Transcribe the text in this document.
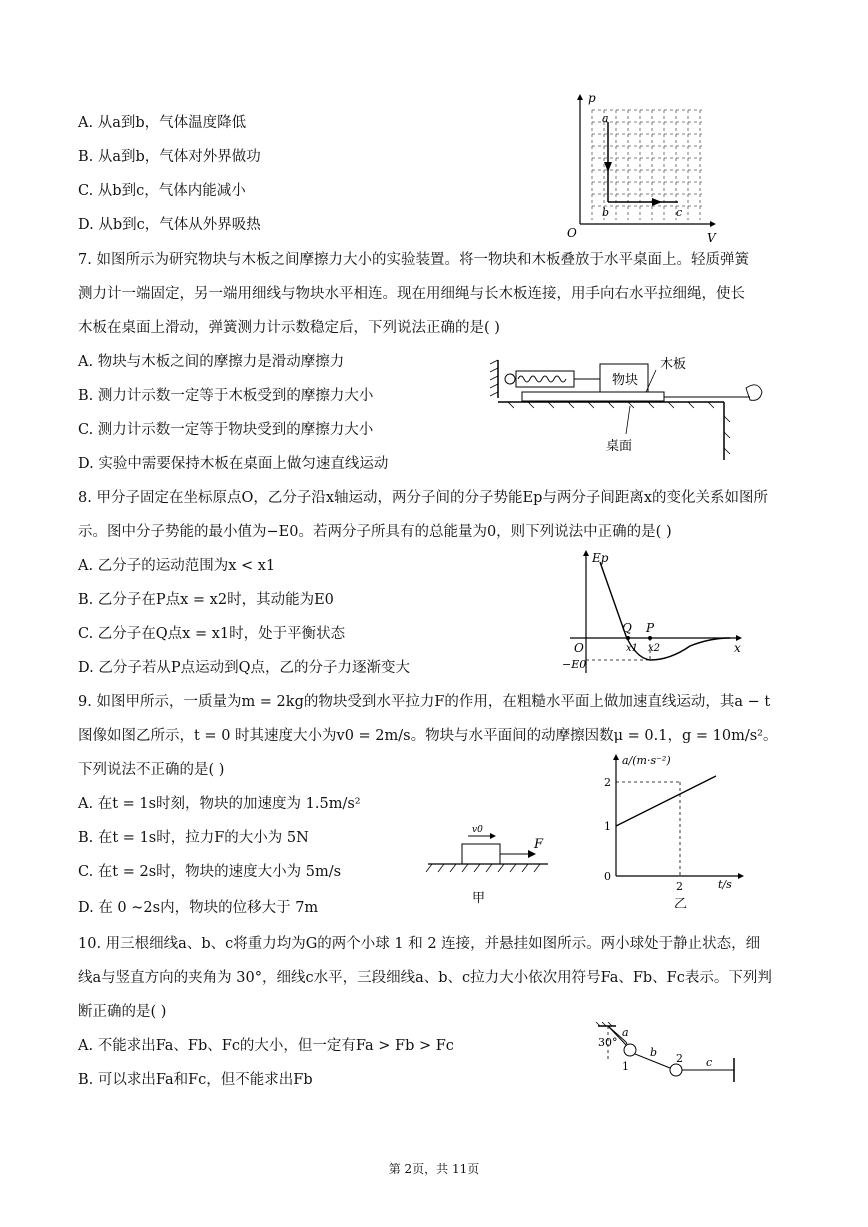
A. 从a到b，气体温度降低
B. 从a到b，气体对外界做功
C. 从b到c，气体内能减小
D. 从b到c，气体从外界吸热
p
V
O
a
b	c
7. 如图所示为研究物块与木板之间摩擦力大小的实验装置。将一物块和木板叠放于水平桌面上。轻质弹簧
测力计一端固定，另一端用细线与物块水平相连。现在用细绳与长木板连接，用手向右水平拉细绳，使长
木板在桌面上滑动，弹簧测力计示数稳定后，下列说法正确的是( )
A. 物块与木板之间的摩擦力是滑动摩擦力
B. 测力计示数一定等于木板受到的摩擦力大小
C. 测力计示数一定等于物块受到的摩擦力大小
D. 实验中需要保持木板在桌面上做匀速直线运动
物块
木板
桌面
8. 甲分子固定在坐标原点O，乙分子沿x轴运动，两分子间的分子势能Ep与两分子间距离x的变化关系如图所
示。图中分子势能的最小值为−E0。若两分子所具有的总能量为0，则下列说法中正确的是( )
A. 乙分子的运动范围为x < x1
B. 乙分子在P点x = x2时，其动能为E0
C. 乙分子在Q点x = x1时，处于平衡状态
D. 乙分子若从P点运动到Q点，乙的分子力逐渐变大
Ep
x
O
Q P
x1 x2
−E0
9. 如图甲所示，一质量为m = 2kg的物块受到水平拉力F的作用，在粗糙水平面上做加速直线运动，其a − t
图像如图乙所示，t = 0 时其速度大小为v0 = 2m/s。物块与水平面间的动摩擦因数μ = 0.1，g = 10m/s²。
下列说法不正确的是( )
A. 在t = 1s时刻，物块的加速度为 1.5m/s²
B. 在t = 1s时，拉力F的大小为 5N
C. 在t = 2s时，物块的速度大小为 5m/s
D. 在 0 ~2s内，物块的位移大于 7m
v0
F
甲
a/(m·s⁻²)
t/s
2
1
0
2
乙
10. 用三根细线a、b、c将重力均为G的两个小球 1 和 2 连接，并悬挂如图所示。两小球处于静止状态，细
线a与竖直方向的夹角为 30°，细线c水平，三段细线a、b、c拉力大小依次用符号Fa、Fb、Fc表示。下列判
断正确的是( )
A. 不能求出Fa、Fb、Fc的大小，但一定有Fa > Fb > Fc
B. 可以求出Fa和Fc，但不能求出Fb
30°
a
b
c
1
2
第 2页，共 11页
